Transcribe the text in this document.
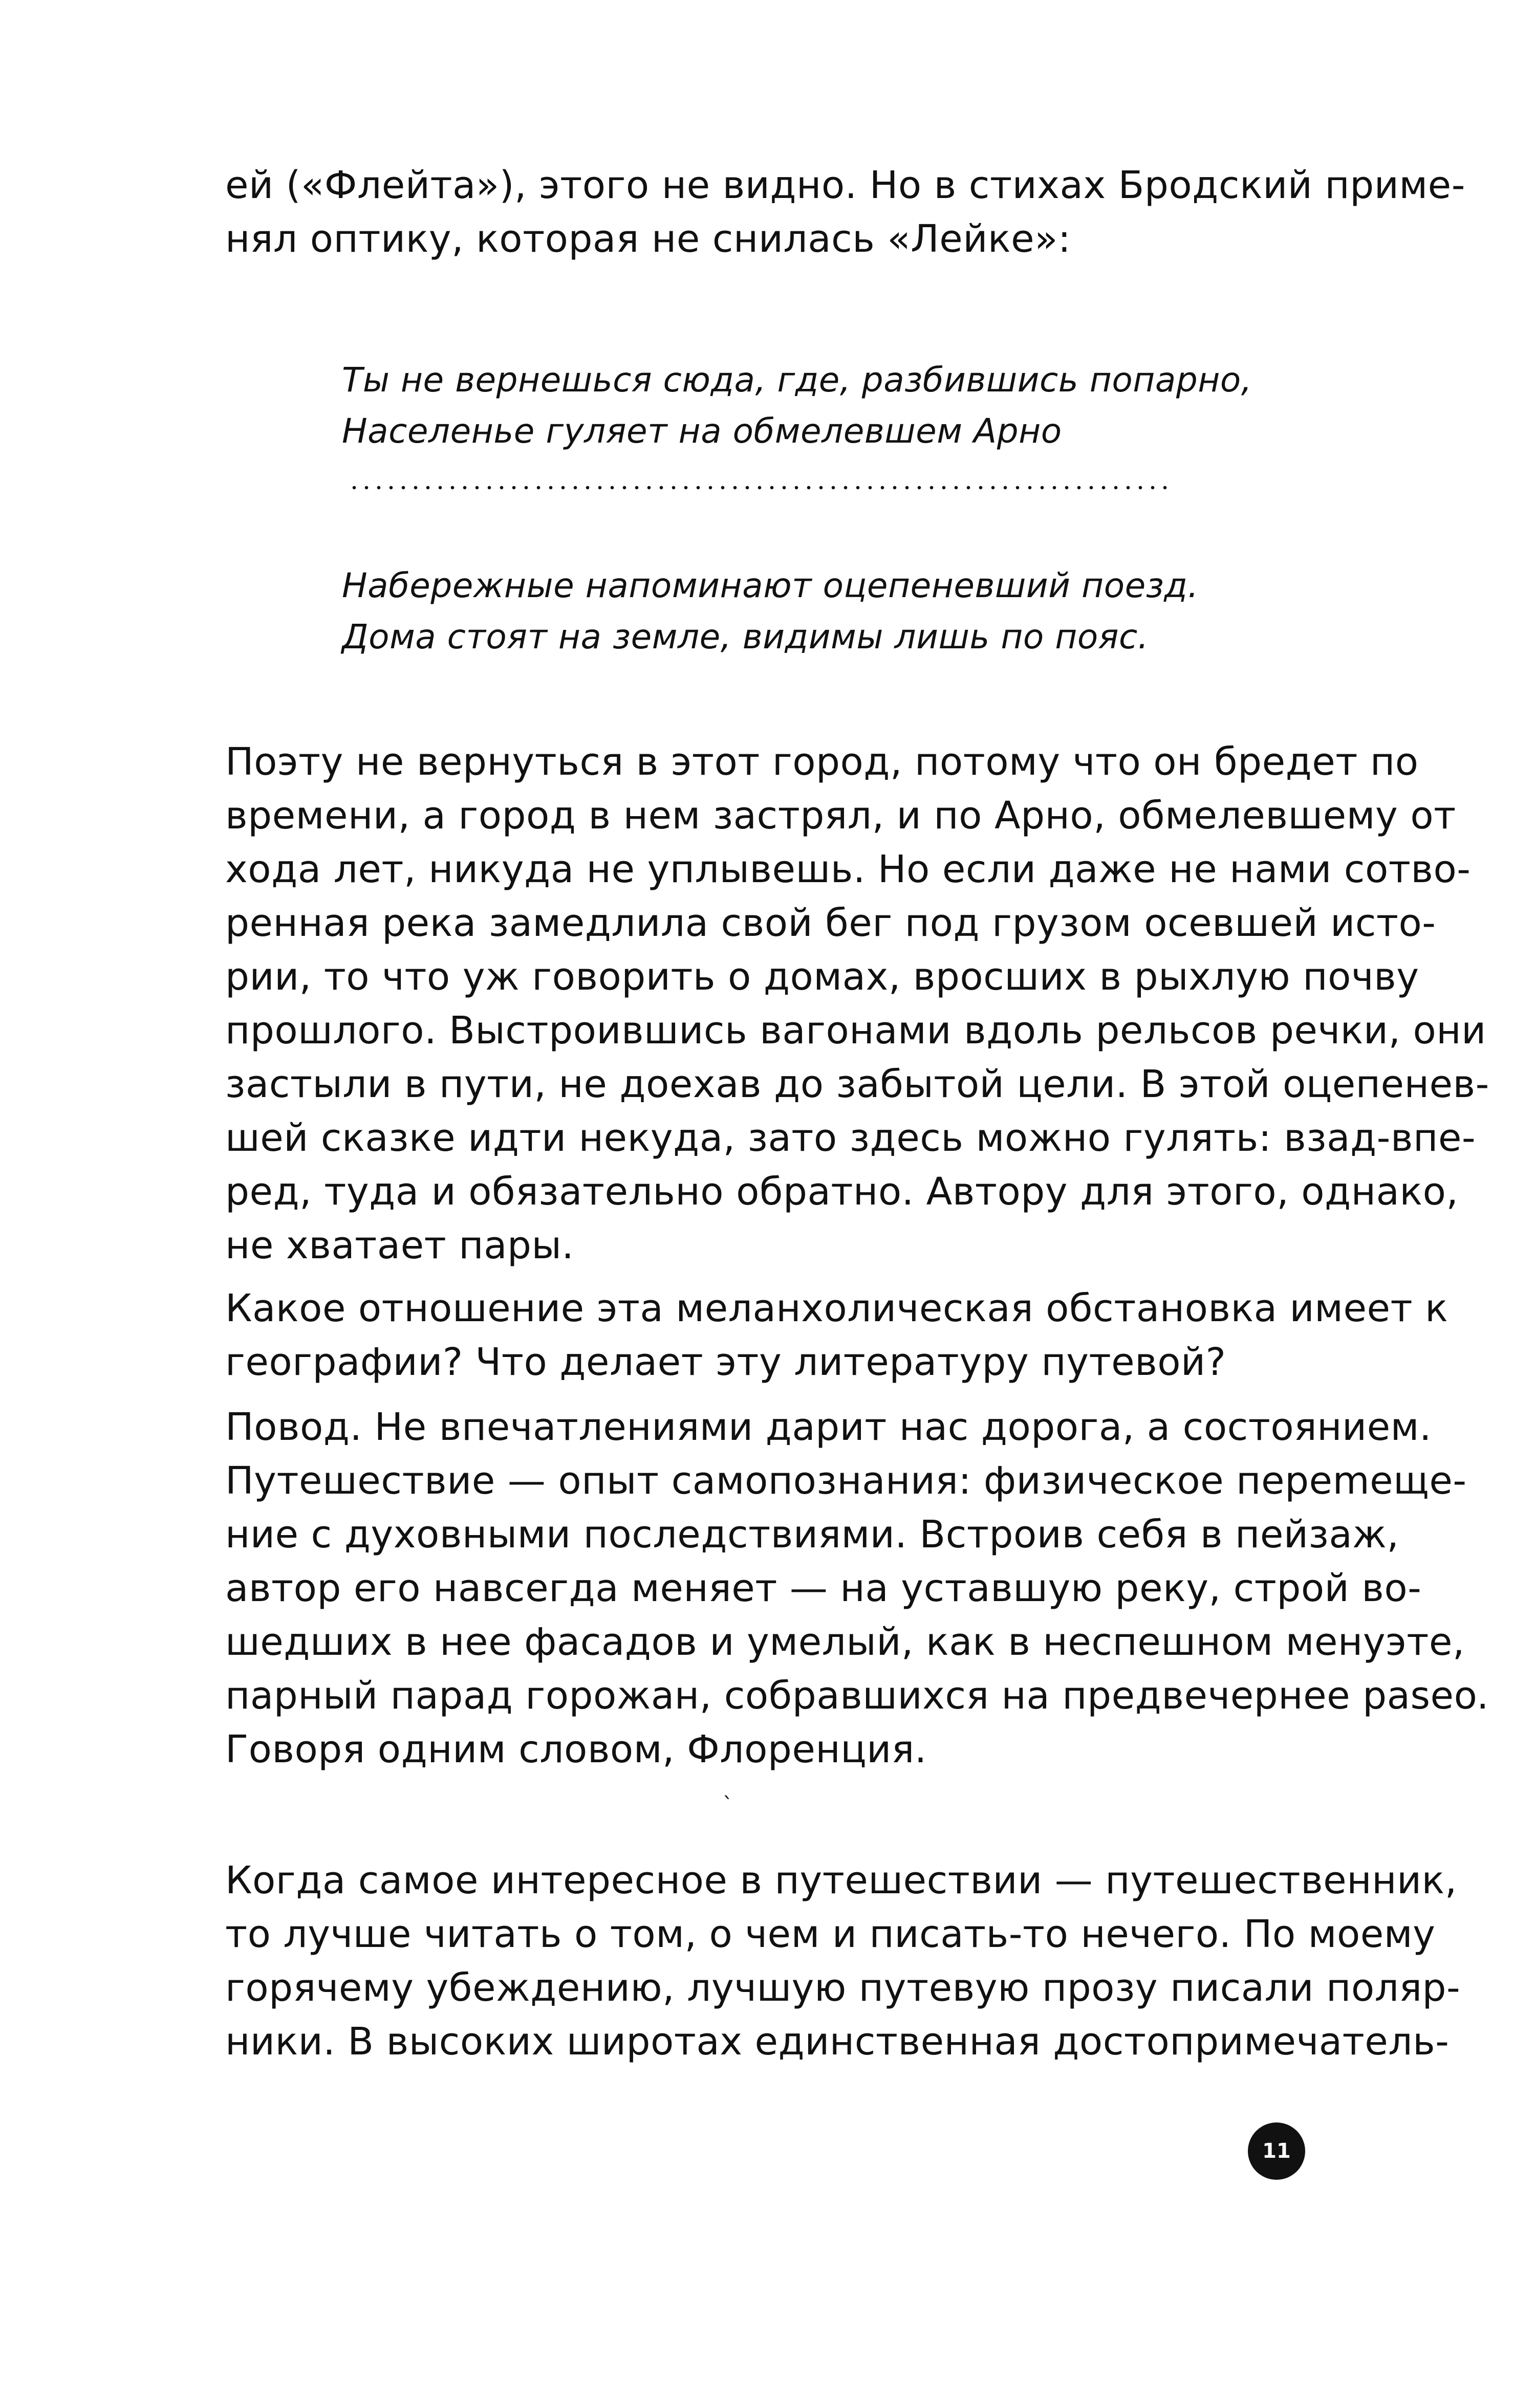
ей («Флейта»), этого не видно. Но в стихах Бродский приме-
нял оптику, которая не снилась «Лейке»:
Ты не вернешься сюда, где, разбившись попарно,
Населенье гуляет на обмелевшем Арно
Набережные напоминают оцепеневший поезд.
Дома стоят на земле, видимы лишь по пояс.
Поэту не вернуться в этот город, потому что он бредет по
времени, а город в нем застрял, и по Арно, обмелевшему от
хода лет, никуда не уплывешь. Но если даже не нами сотво-
ренная река замедлила свой бег под грузом осевшей исто-
рии, то что уж говорить о домах, вросших в рыхлую почву
прошлого. Выстроившись вагонами вдоль рельсов речки, они
застыли в пути, не доехав до забытой цели. В этой оцепенев-
шей сказке идти некуда, зато здесь можно гулять: взад-впе-
ред, туда и обязательно обратно. Автору для этого, однако,
не хватает пары.
Какое отношение эта меланхолическая обстановка имеет к
географии? Что делает эту литературу путевой?
Повод. Не впечатлениями дарит нас дорога, а состоянием.
Путешествие — опыт самопознания: физическое переmеще-
ние с духовными последствиями. Встроив себя в пейзаж,
автор его навсегда меняет — на уставшую реку, строй во-
шедших в нее фасадов и умелый, как в неспешном менуэте,
парный парад горожан, собравшихся на предвечернее paseo.
Говоря одним словом, Флоренция.
`
Когда самое интересное в путешествии — путешественник,
то лучше читать о том, о чем и писать-то нечего. По моему
горячему убеждению, лучшую путевую прозу писали поляр-
ники. В высоких широтах единственная достопримечатель-
11
